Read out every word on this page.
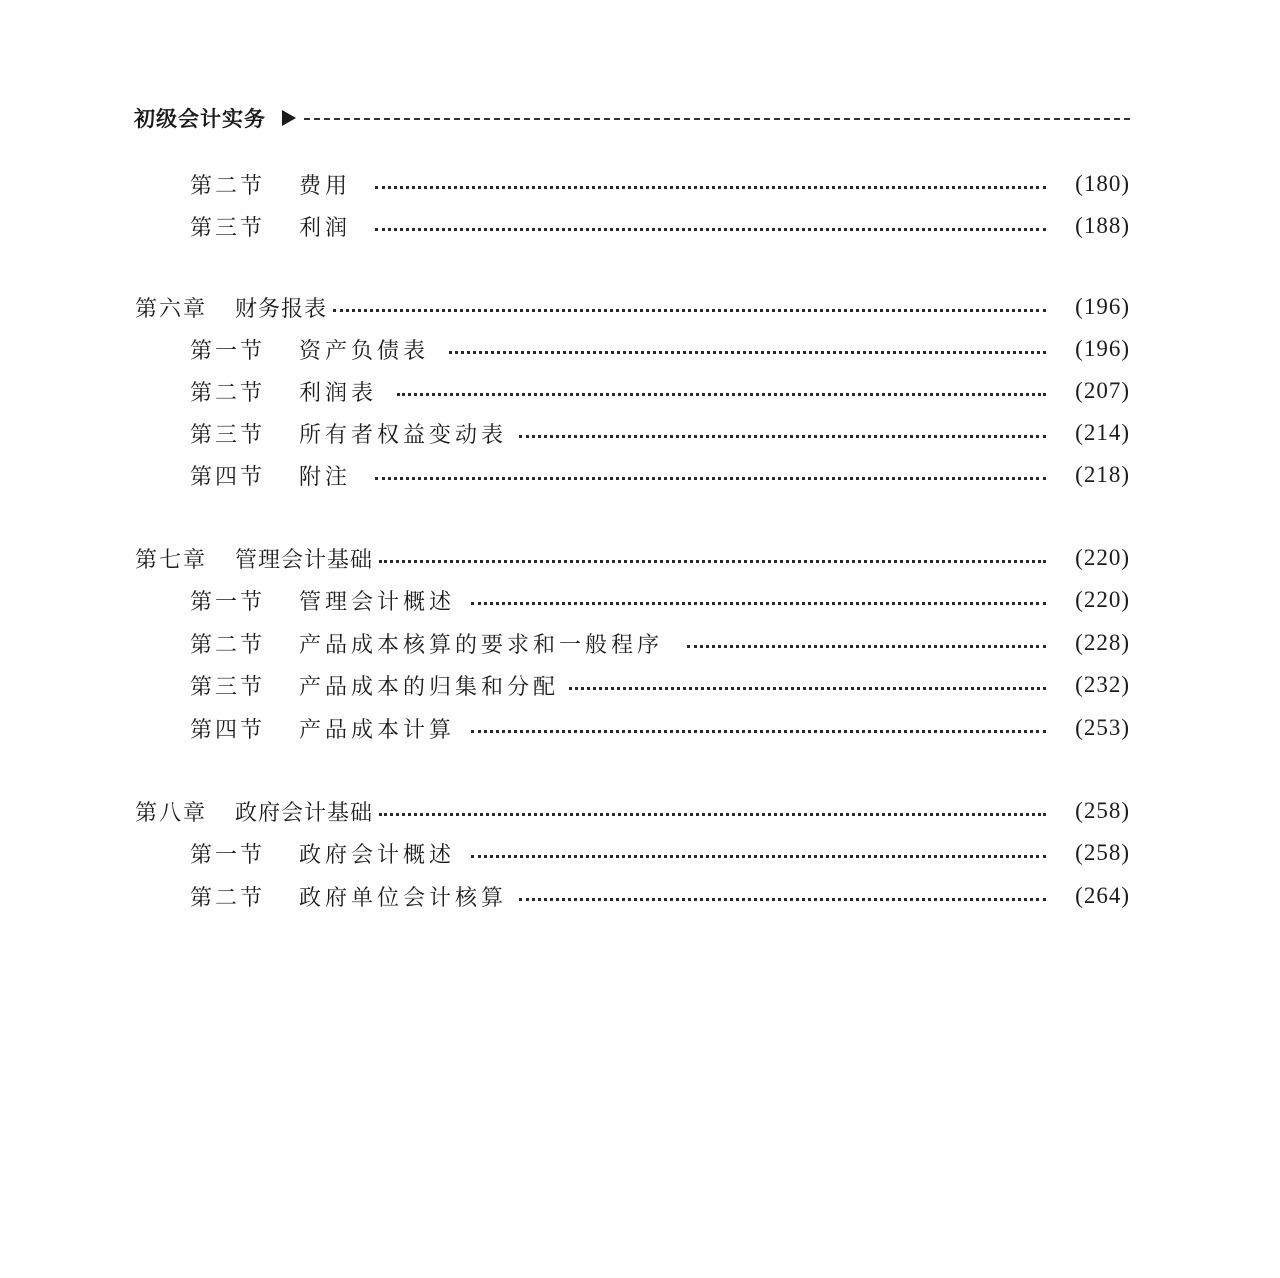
初级会计实务
第二节 费用	(180)
第三节 利润	(188)
第六章 财务报表	(196)
第一节 资产负债表	(196)
第二节 利润表	(207)
第三节 所有者权益变动表	(214)
第四节 附注	(218)
第七章 管理会计基础	(220)
第一节 管理会计概述	(220)
第二节 产品成本核算的要求和一般程序	(228)
第三节 产品成本的归集和分配	(232)
第四节 产品成本计算	(253)
第八章 政府会计基础	(258)
第一节 政府会计概述	(258)
第二节 政府单位会计核算	(264)
